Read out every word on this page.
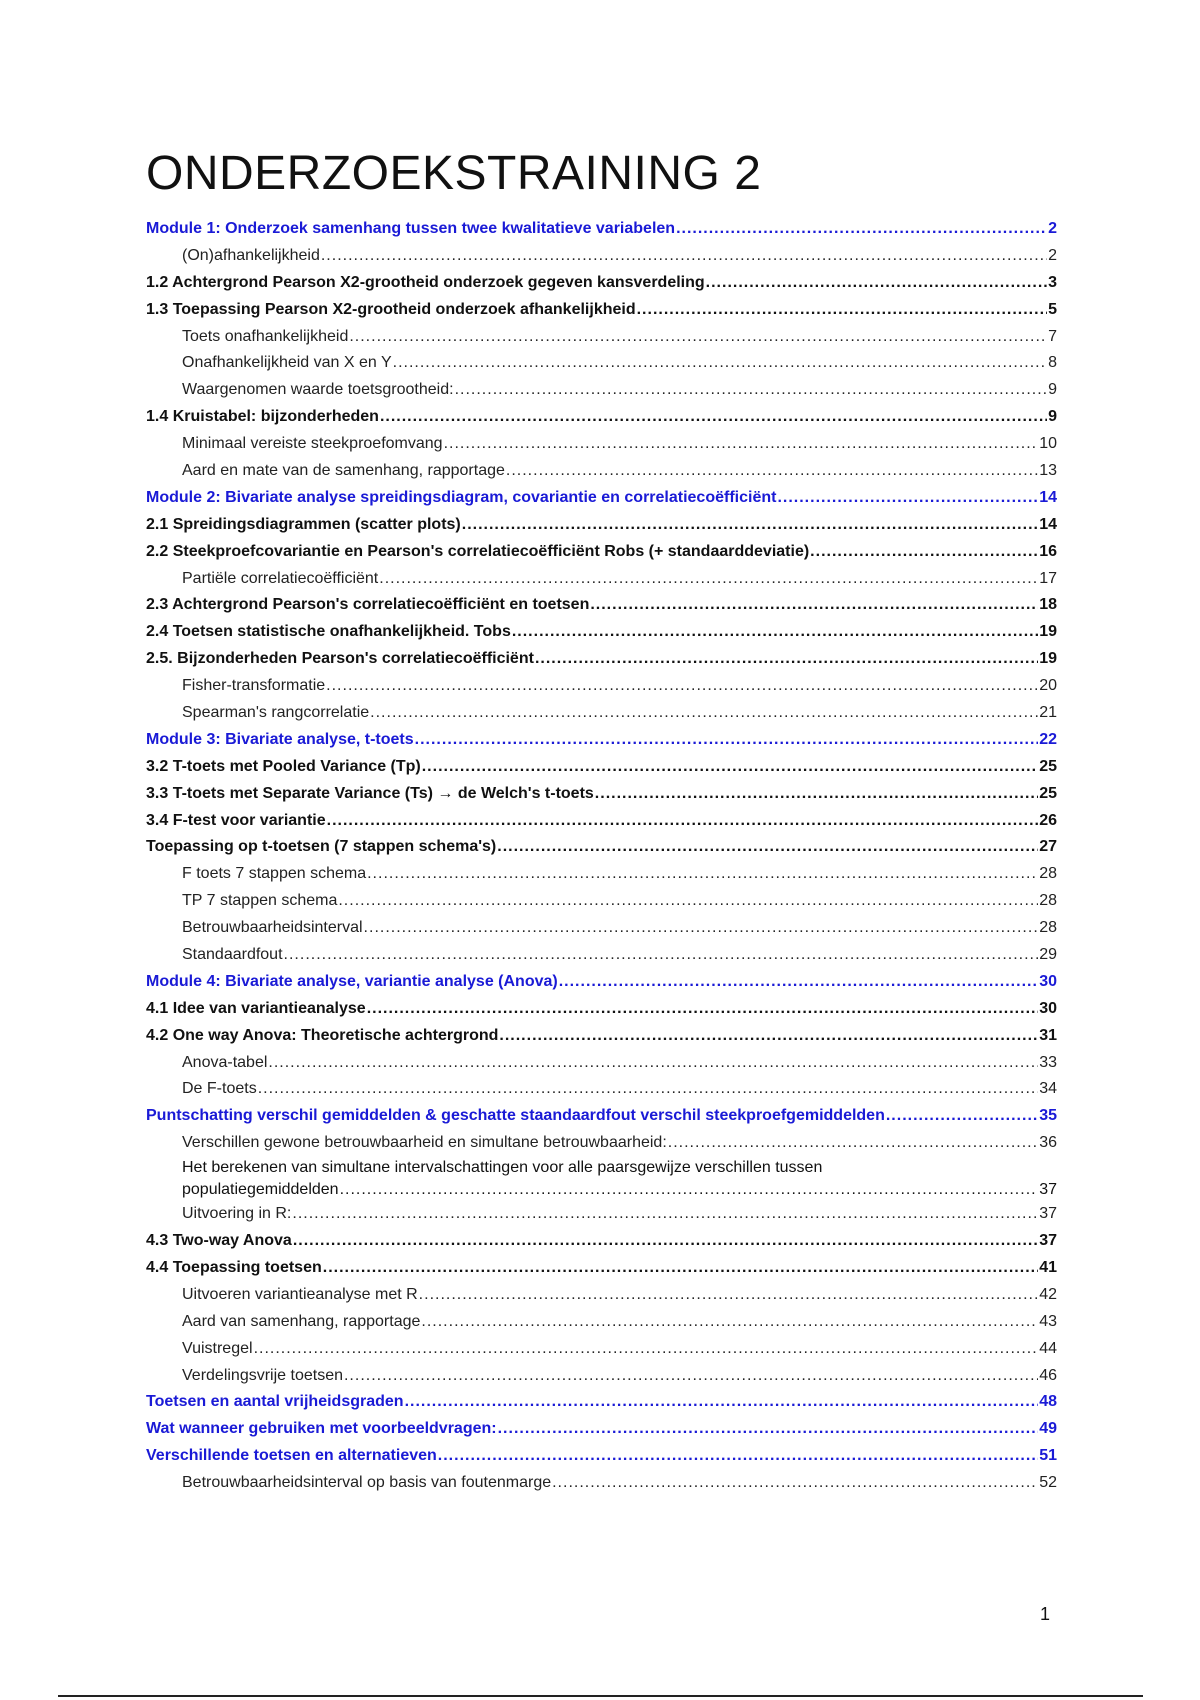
ONDERZOEKSTRAINING 2
Module 1: Onderzoek samenhang tussen twee kwalitatieve variabelen .....	2
(On)afhankelijkheid .....	2
1.2 Achtergrond Pearson X2-grootheid onderzoek gegeven kansverdeling .....	3
1.3 Toepassing Pearson X2-grootheid onderzoek afhankelijkheid .....	5
Toets onafhankelijkheid .....	7
Onafhankelijkheid van X en Y .....	8
Waargenomen waarde toetsgrootheid: .....	9
1.4 Kruistabel: bijzonderheden .....	9
Minimaal vereiste steekproefomvang .....	10
Aard en mate van de samenhang, rapportage .....	13
Module 2: Bivariate analyse spreidingsdiagram, covariantie en correlatiecoëfficiënt .....	14
2.1 Spreidingsdiagrammen (scatter plots) .....	14
2.2 Steekproefcovariantie en Pearson's correlatiecoëfficiënt Robs (+ standaarddeviatie) .....	16
Partiële correlatiecoëfficiënt .....	17
2.3 Achtergrond Pearson's correlatiecoëfficiënt en toetsen .....	18
2.4 Toetsen statistische onafhankelijkheid. Tobs .....	19
2.5. Bijzonderheden Pearson's correlatiecoëfficiënt .....	19
Fisher-transformatie .....	20
Spearman's rangcorrelatie .....	21
Module 3: Bivariate analyse, t-toets .....	22
3.2 T-toets met Pooled Variance (Tp) .....	25
3.3 T-toets met Separate Variance (Ts) → de Welch's t-toets .....	25
3.4 F-test voor variantie .....	26
Toepassing op t-toetsen (7 stappen schema's) .....	27
F toets 7 stappen schema .....	28
TP 7 stappen schema .....	28
Betrouwbaarheidsinterval .....	28
Standaardfout .....	29
Module 4: Bivariate analyse, variantie analyse (Anova) .....	30
4.1 Idee van variantieanalyse .....	30
4.2 One way Anova: Theoretische achtergrond .....	31
Anova-tabel .....	33
De F-toets .....	34
Puntschatting verschil gemiddelden & geschatte staandaardfout verschil steekproefgemiddelden .....	35
Verschillen gewone betrouwbaarheid en simultane betrouwbaarheid: .....	36
Het berekenen van simultane intervalschattingen voor alle paarsgewijze verschillen tussen
populatiegemiddelden .....	37
Uitvoering in R: .....	37
4.3 Two-way Anova .....	37
4.4 Toepassing toetsen .....	41
Uitvoeren variantieanalyse met R .....	42
Aard van samenhang, rapportage .....	43
Vuistregel .....	44
Verdelingsvrije toetsen .....	46
Toetsen en aantal vrijheidsgraden .....	48
Wat wanneer gebruiken met voorbeeldvragen: .....	49
Verschillende toetsen en alternatieven .....	51
Betrouwbaarheidsinterval op basis van foutenmarge .....	52
1
